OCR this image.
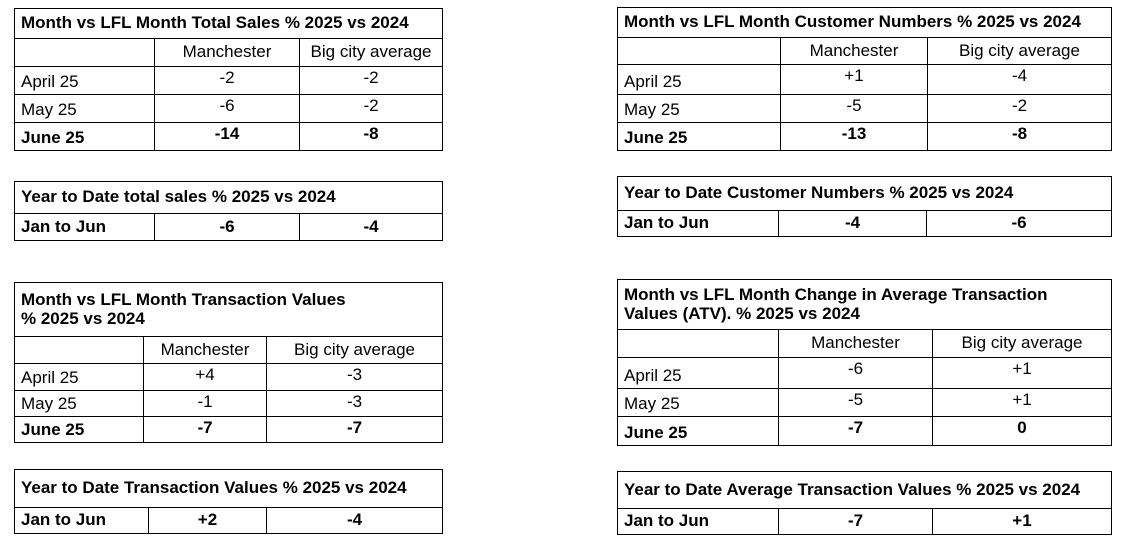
Month vs LFL Month Total Sales % 2025 vs 2024		
	Manchester	Big city average
April 25	-2	-2
May 25	-6	-2
June 25	-14	-8
Year to Date total sales % 2025 vs 2024
Jan to Jun	-6	-4
Month vs LFL Month Transaction Values
% 2025 vs 2024		
	Manchester	Big city average
April 25	+4	-3
May 25	-1	-3
June 25	-7	-7
Year to Date Transaction Values % 2025 vs 2024
Jan to Jun	+2	-4
Month vs LFL Month Customer Numbers % 2025 vs 2024		
	Manchester	Big city average
April 25	+1	-4
May 25	-5	-2
June 25	-13	-8
Year to Date Customer Numbers % 2025 vs 2024
Jan to Jun	-4	-6
Month vs LFL Month Change in Average Transaction Values (ATV). % 2025 vs 2024		
	Manchester	Big city average
April 25	-6	+1
May 25	-5	+1
June 25	-7	0
Year to Date Average Transaction Values % 2025 vs 2024
Jan to Jun	-7	+1
